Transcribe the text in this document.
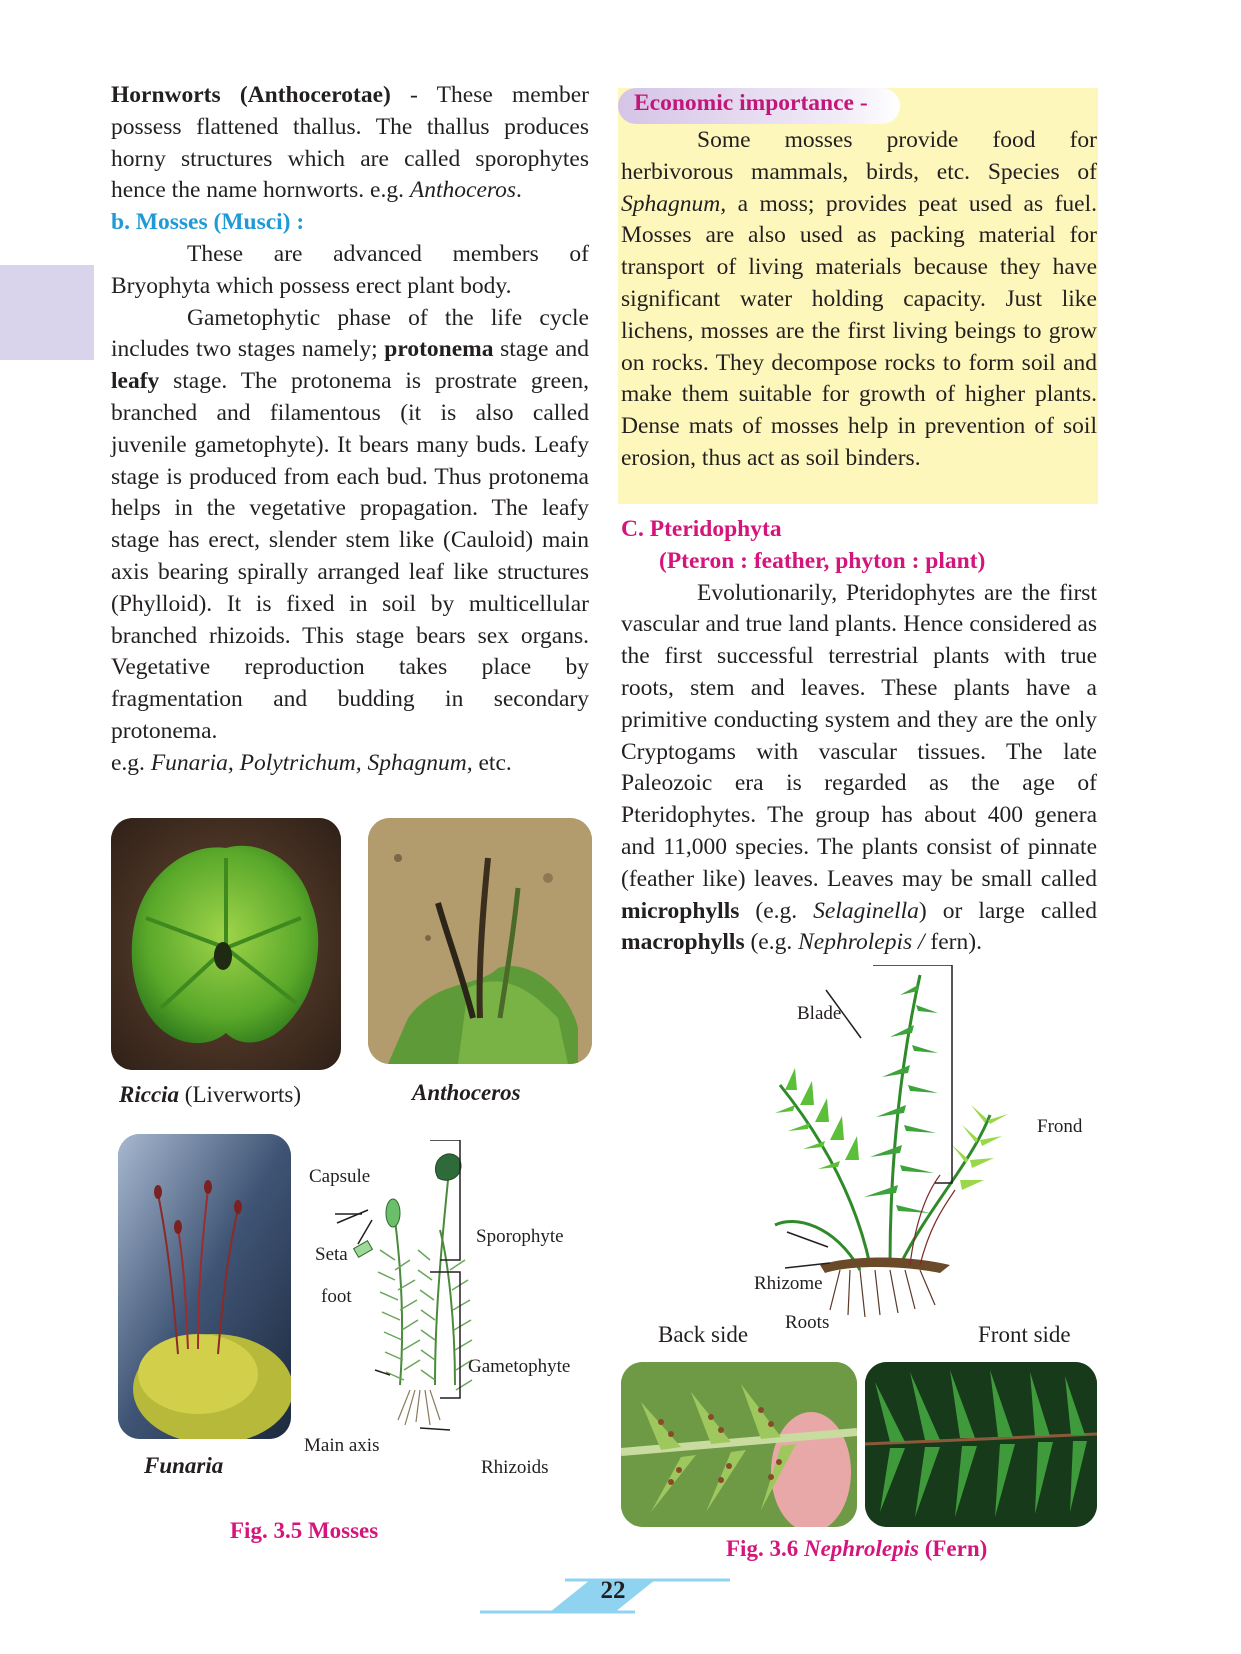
Hornworts (Anthocerotae) - These member possess flattened thallus. The thallus produces horny structures which are called sporophytes hence the name hornworts. e.g. Anthoceros.

b. Mosses (Musci) :

These are advanced members of Bryophyta which possess erect plant body.

Gametophytic phase of the life cycle includes two stages namely; protonema stage and leafy stage. The protonema is prostrate green, branched and filamentous (it is also called juvenile gametophyte). It bears many buds. Leafy stage is produced from each bud. Thus protonema helps in the vegetative propagation. The leafy stage has erect, slender stem like (Cauloid) main axis bearing spirally arranged leaf like structures (Phylloid). It is fixed in soil by multicellular branched rhizoids. This stage bears sex organs. Vegetative reproduction takes place by fragmentation and budding in secondary protonema.

e.g. Funaria, Polytrichum, Sphagnum, etc.

Economic importance -

Some mosses provide food for herbivorous mammals, birds, etc. Species of Sphagnum, a moss; provides peat used as fuel. Mosses are also used as packing material for transport of living materials because they have significant water holding capacity. Just like lichens, mosses are the first living beings to grow on rocks. They decompose rocks to form soil and make them suitable for growth of higher plants. Dense mats of mosses help in prevention of soil erosion, thus act as soil binders.

C. Pteridophyta

(Pteron : feather, phyton : plant)

Evolutionarily, Pteridophytes are the first vascular and true land plants. Hence considered as the first successful terrestrial plants with true roots, stem and leaves. These plants have a primitive conducting system and they are the only Cryptogams with vascular tissues. The late Paleozoic era is regarded as the age of Pteridophytes. The group has about 400 genera and 11,000 species. The plants consist of pinnate (feather like) leaves. Leaves may be small called microphylls (e.g. Selaginella) or large called macrophylls (e.g. Nephrolepis / fern).

Riccia (Liverworts)	Anthoceros
Funaria
Capsule
Seta
foot
Sporophyte
Gametophyte
Main axis
Rhizoids
Fig. 3.5 Mosses
Blade
Frond
Rhizome
Roots
Back side	Front side
Fig. 3.6 Nephrolepis (Fern)
22
